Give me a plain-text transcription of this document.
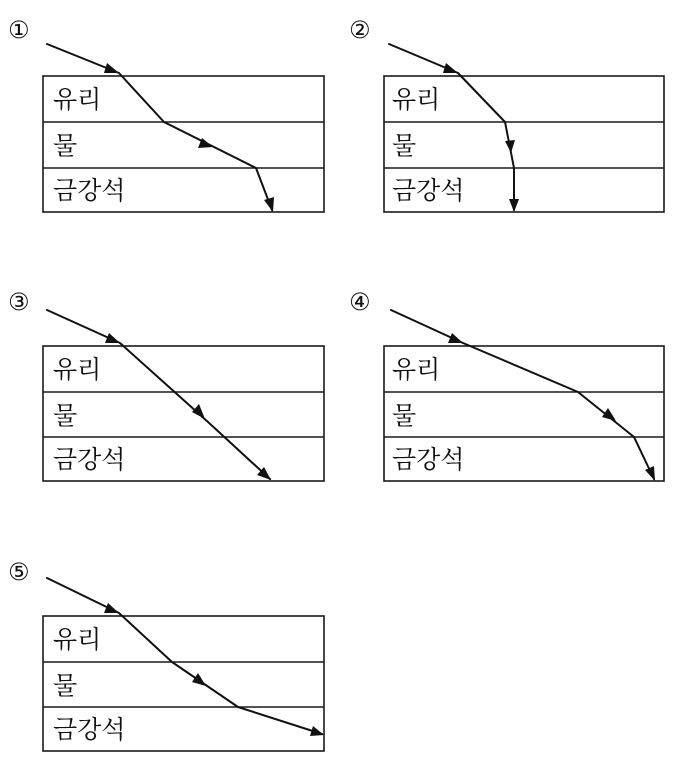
①
유리
물
금강석
②
유리
물
금강석
③
유리
물
금강석
④
유리
물
금강석
⑤
유리
물
금강석
